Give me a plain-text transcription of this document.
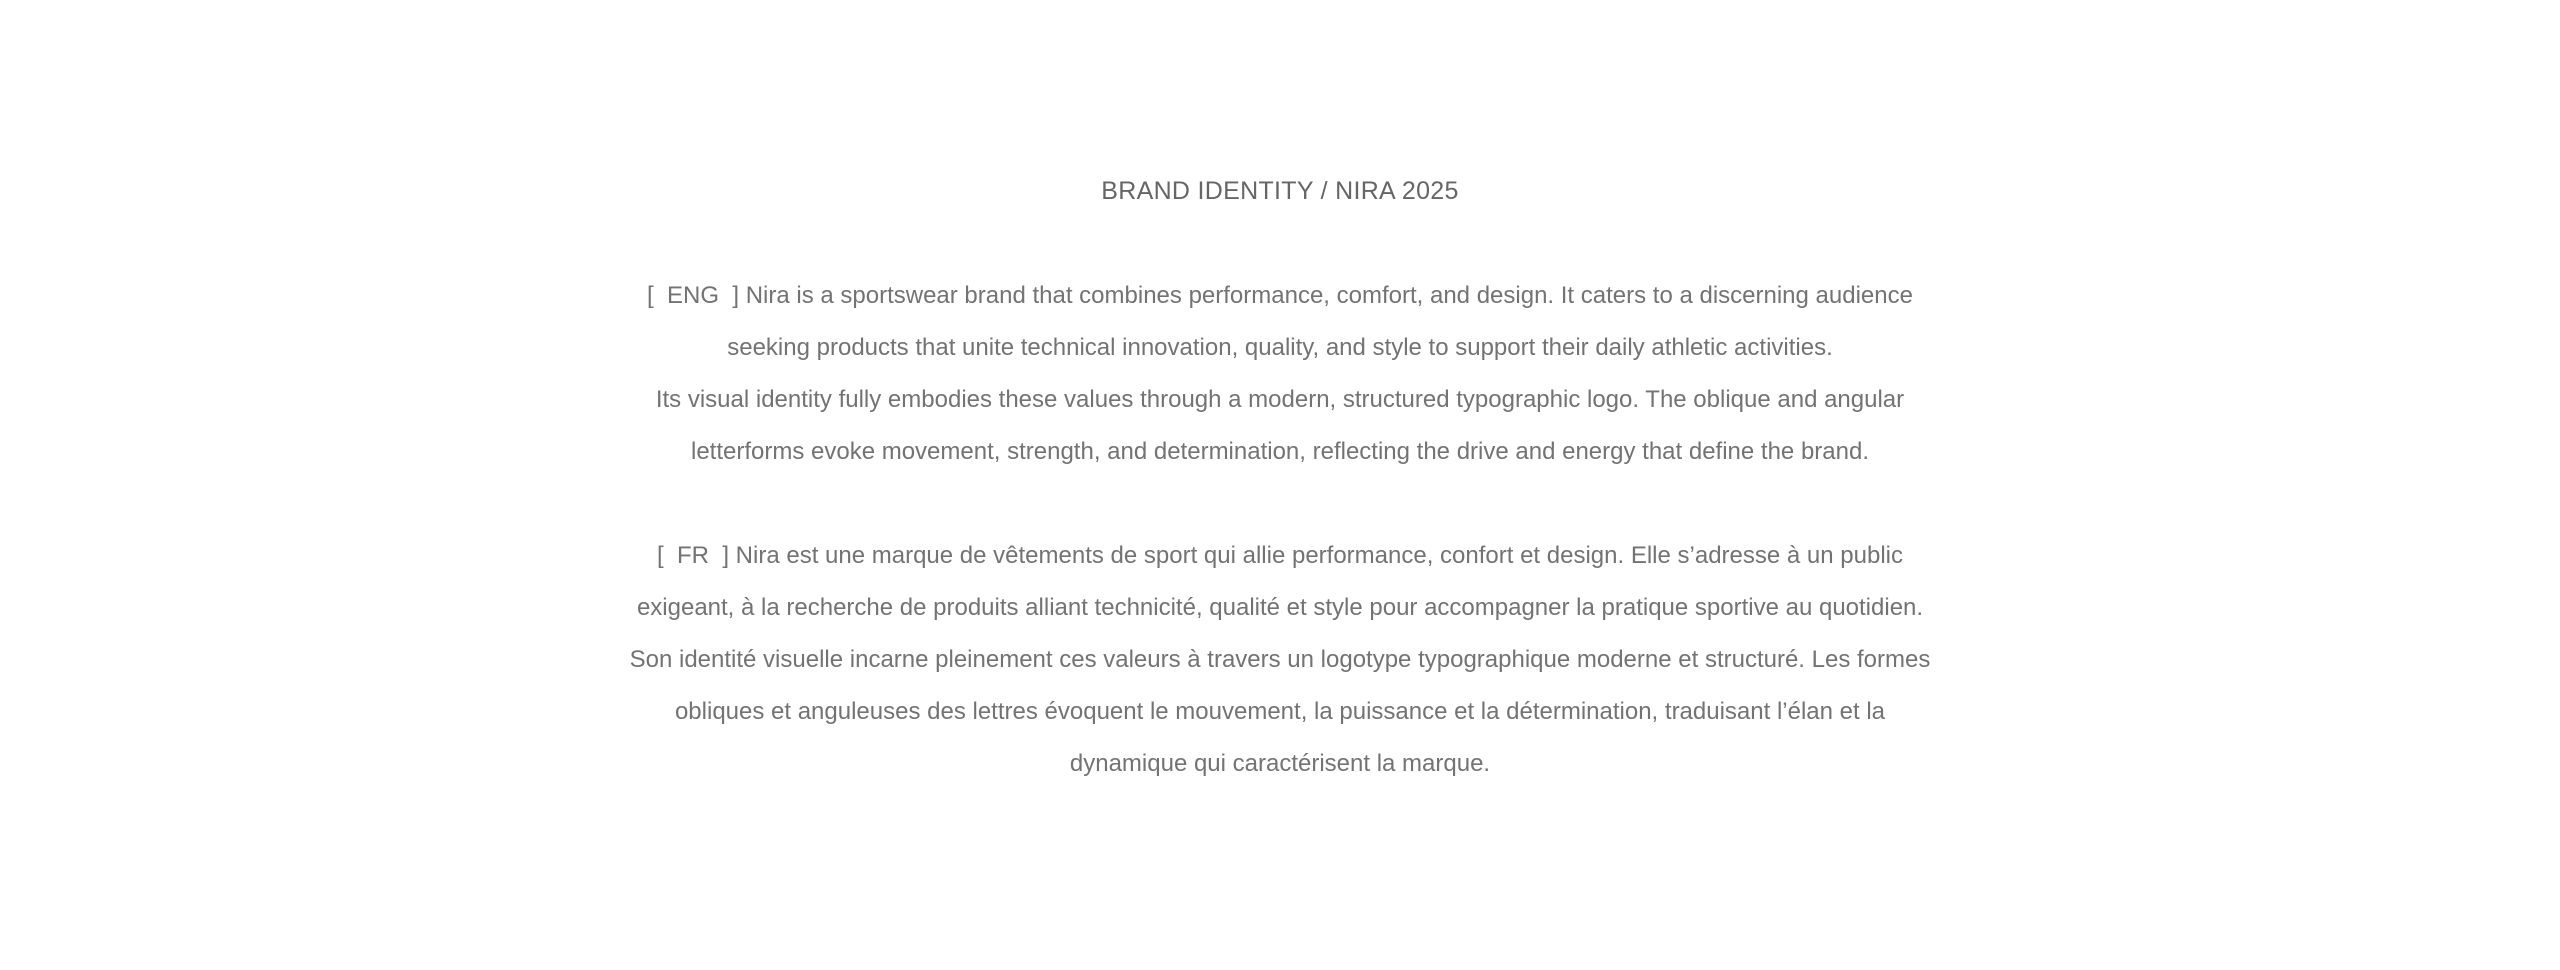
BRAND IDENTITY / NIRA 2025
[  ENG  ] Nira is a sportswear brand that combines performance, comfort, and design. It caters to a discerning audience
seeking products that unite technical innovation, quality, and style to support their daily athletic activities.
Its visual identity fully embodies these values through a modern, structured typographic logo. The oblique and angular
letterforms evoke movement, strength, and determination, reflecting the drive and energy that define the brand.
[  FR  ] Nira est une marque de vêtements de sport qui allie performance, confort et design. Elle s’adresse à un public
exigeant, à la recherche de produits alliant technicité, qualité et style pour accompagner la pratique sportive au quotidien.
Son identité visuelle incarne pleinement ces valeurs à travers un logotype typographique moderne et structuré. Les formes
obliques et anguleuses des lettres évoquent le mouvement, la puissance et la détermination, traduisant l’élan et la
dynamique qui caractérisent la marque.
